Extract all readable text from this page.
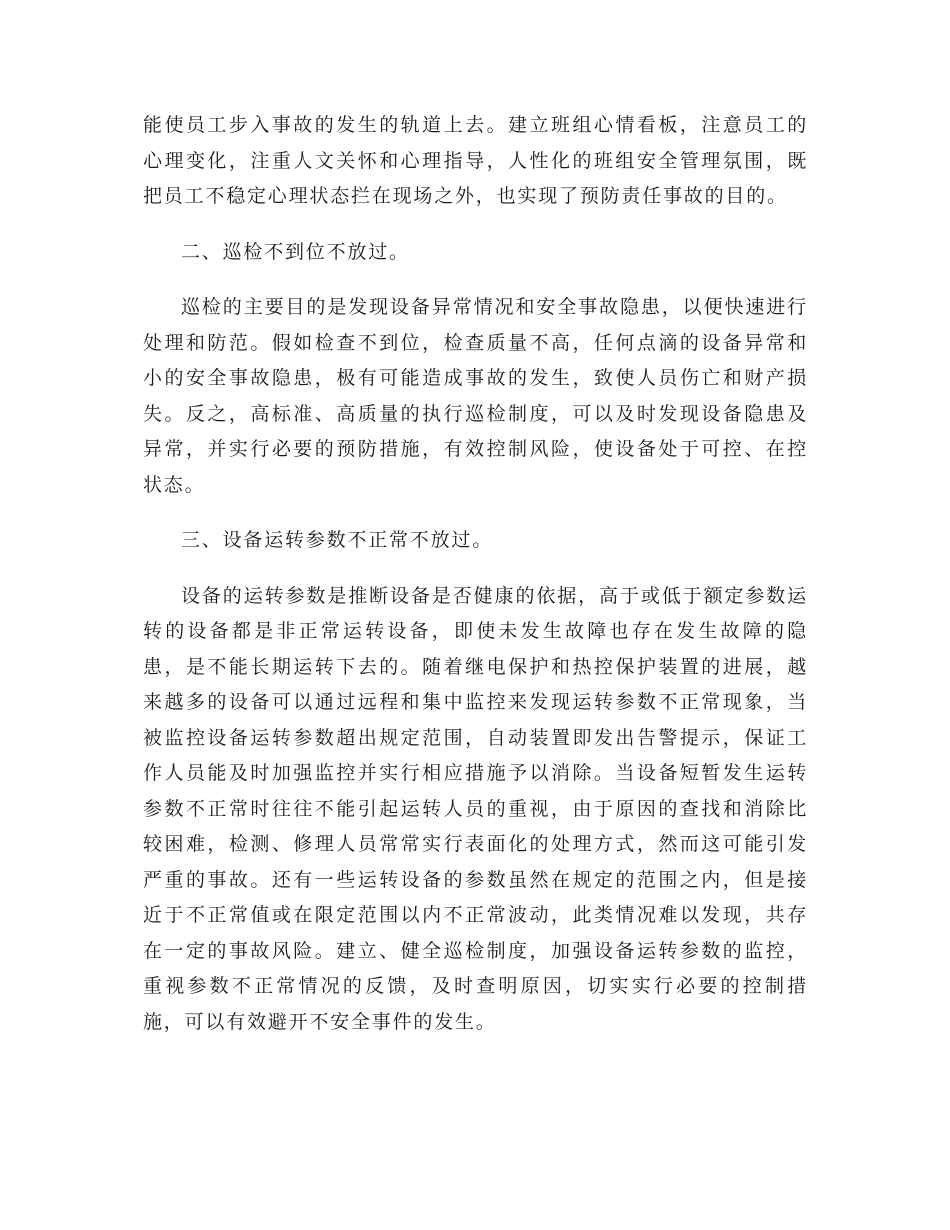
能使员工步入事故的发生的轨道上去。建立班组心情看板，注意员工的心理变化，注重人文关怀和心理指导，人性化的班组安全管理氛围，既把员工不稳定心理状态拦在现场之外，也实现了预防责任事故的目的。

二、巡检不到位不放过。

巡检的主要目的是发现设备异常情况和安全事故隐患，以便快速进行处理和防范。假如检查不到位，检查质量不高，任何点滴的设备异常和小的安全事故隐患，极有可能造成事故的发生，致使人员伤亡和财产损失。反之，高标准、高质量的执行巡检制度，可以及时发现设备隐患及异常，并实行必要的预防措施，有效控制风险，使设备处于可控、在控状态。

三、设备运转参数不正常不放过。

设备的运转参数是推断设备是否健康的依据，高于或低于额定参数运转的设备都是非正常运转设备，即使未发生故障也存在发生故障的隐患，是不能长期运转下去的。随着继电保护和热控保护装置的进展，越来越多的设备可以通过远程和集中监控来发现运转参数不正常现象，当被监控设备运转参数超出规定范围，自动装置即发出告警提示，保证工作人员能及时加强监控并实行相应措施予以消除。当设备短暂发生运转参数不正常时往往不能引起运转人员的重视，由于原因的查找和消除比较困难，检测、修理人员常常实行表面化的处理方式，然而这可能引发严重的事故。还有一些运转设备的参数虽然在规定的范围之内，但是接近于不正常值或在限定范围以内不正常波动，此类情况难以发现，共存在一定的事故风险。建立、健全巡检制度，加强设备运转参数的监控，重视参数不正常情况的反馈，及时查明原因，切实实行必要的控制措施，可以有效避开不安全事件的发生。
